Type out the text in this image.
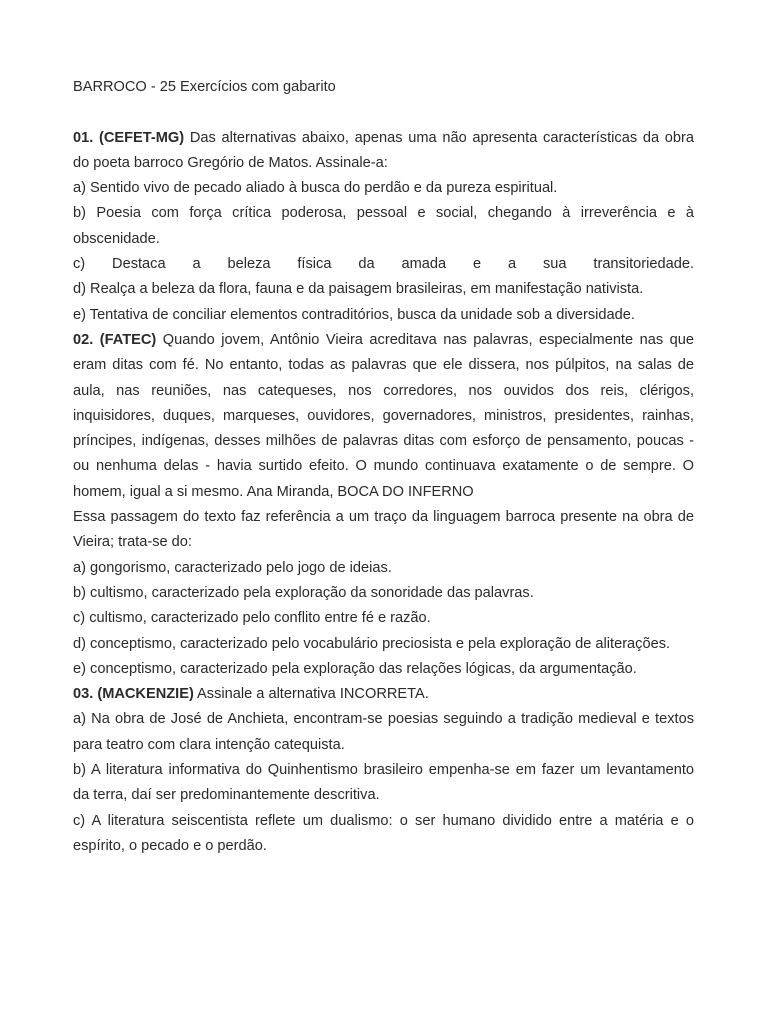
BARROCO - 25 Exercícios com gabarito

01. (CEFET-MG) Das alternativas abaixo, apenas uma não apresenta características da obra do poeta barroco Gregório de Matos. Assinale-a:

a) Sentido vivo de pecado aliado à busca do perdão e da pureza espiritual.

b) Poesia com força crítica poderosa, pessoal e social, chegando à irreverência e à obscenidade.

c) Destaca a beleza física da amada e a sua transitoriedade.

d) Realça a beleza da flora, fauna e da paisagem brasileiras, em manifestação nativista.

e) Tentativa de conciliar elementos contraditórios, busca da unidade sob a diversidade.

02. (FATEC) Quando jovem, Antônio Vieira acreditava nas palavras, especialmente nas que eram ditas com fé. No entanto, todas as palavras que ele dissera, nos púlpitos, na salas de aula, nas reuniões, nas catequeses, nos corredores, nos ouvidos dos reis, clérigos, inquisidores, duques, marqueses, ouvidores, governadores, ministros, presidentes, rainhas, príncipes, indígenas, desses milhões de palavras ditas com esforço de pensamento, poucas - ou nenhuma delas - havia surtido efeito. O mundo continuava exatamente o de sempre. O homem, igual a si mesmo. Ana Miranda, BOCA DO INFERNO

Essa passagem do texto faz referência a um traço da linguagem barroca presente na obra de Vieira; trata-se do:

a) gongorismo, caracterizado pelo jogo de ideias.

b) cultismo, caracterizado pela exploração da sonoridade das palavras.

c) cultismo, caracterizado pelo conflito entre fé e razão.

d) conceptismo, caracterizado pelo vocabulário preciosista e pela exploração de aliterações.

e) conceptismo, caracterizado pela exploração das relações lógicas, da argumentação.

03. (MACKENZIE) Assinale a alternativa INCORRETA.

a) Na obra de José de Anchieta, encontram-se poesias seguindo a tradição medieval e textos para teatro com clara intenção catequista.

b) A literatura informativa do Quinhentismo brasileiro empenha-se em fazer um levantamento da terra, daí ser predominantemente descritiva.

c) A literatura seiscentista reflete um dualismo: o ser humano dividido entre a matéria e o espírito, o pecado e o perdão.
